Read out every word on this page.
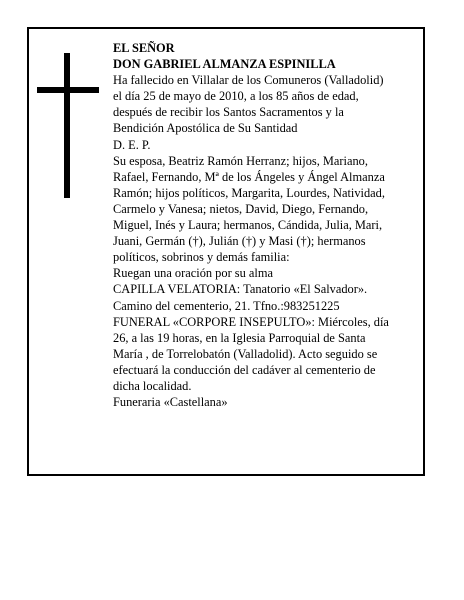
EL SEÑOR
DON GABRIEL ALMANZA ESPINILLA
Ha fallecido en Villalar de los Comuneros (Valladolid)
el día 25 de mayo de 2010, a los 85 años de edad,
después de recibir los Santos Sacramentos y la
Bendición Apostólica de Su Santidad
D. E. P.
Su esposa, Beatriz Ramón Herranz; hijos, Mariano,
Rafael, Fernando, Mª de los Ángeles y Ángel Almanza
Ramón; hijos políticos, Margarita, Lourdes, Natividad,
Carmelo y Vanesa; nietos, David, Diego, Fernando,
Miguel, Inés y Laura; hermanos, Cándida, Julia, Mari,
Juani, Germán (†), Julián (†) y Masi (†); hermanos
políticos, sobrinos y demás familia:
Ruegan una oración por su alma
CAPILLA VELATORIA: Tanatorio «El Salvador».
Camino del cementerio, 21. Tfno.:983251225
FUNERAL «CORPORE INSEPULTO»: Miércoles, día
26, a las 19 horas, en la Iglesia Parroquial de Santa
María , de Torrelobatón (Valladolid). Acto seguido se
efectuará la conducción del cadáver al cementerio de
dicha localidad.
Funeraria «Castellana»
